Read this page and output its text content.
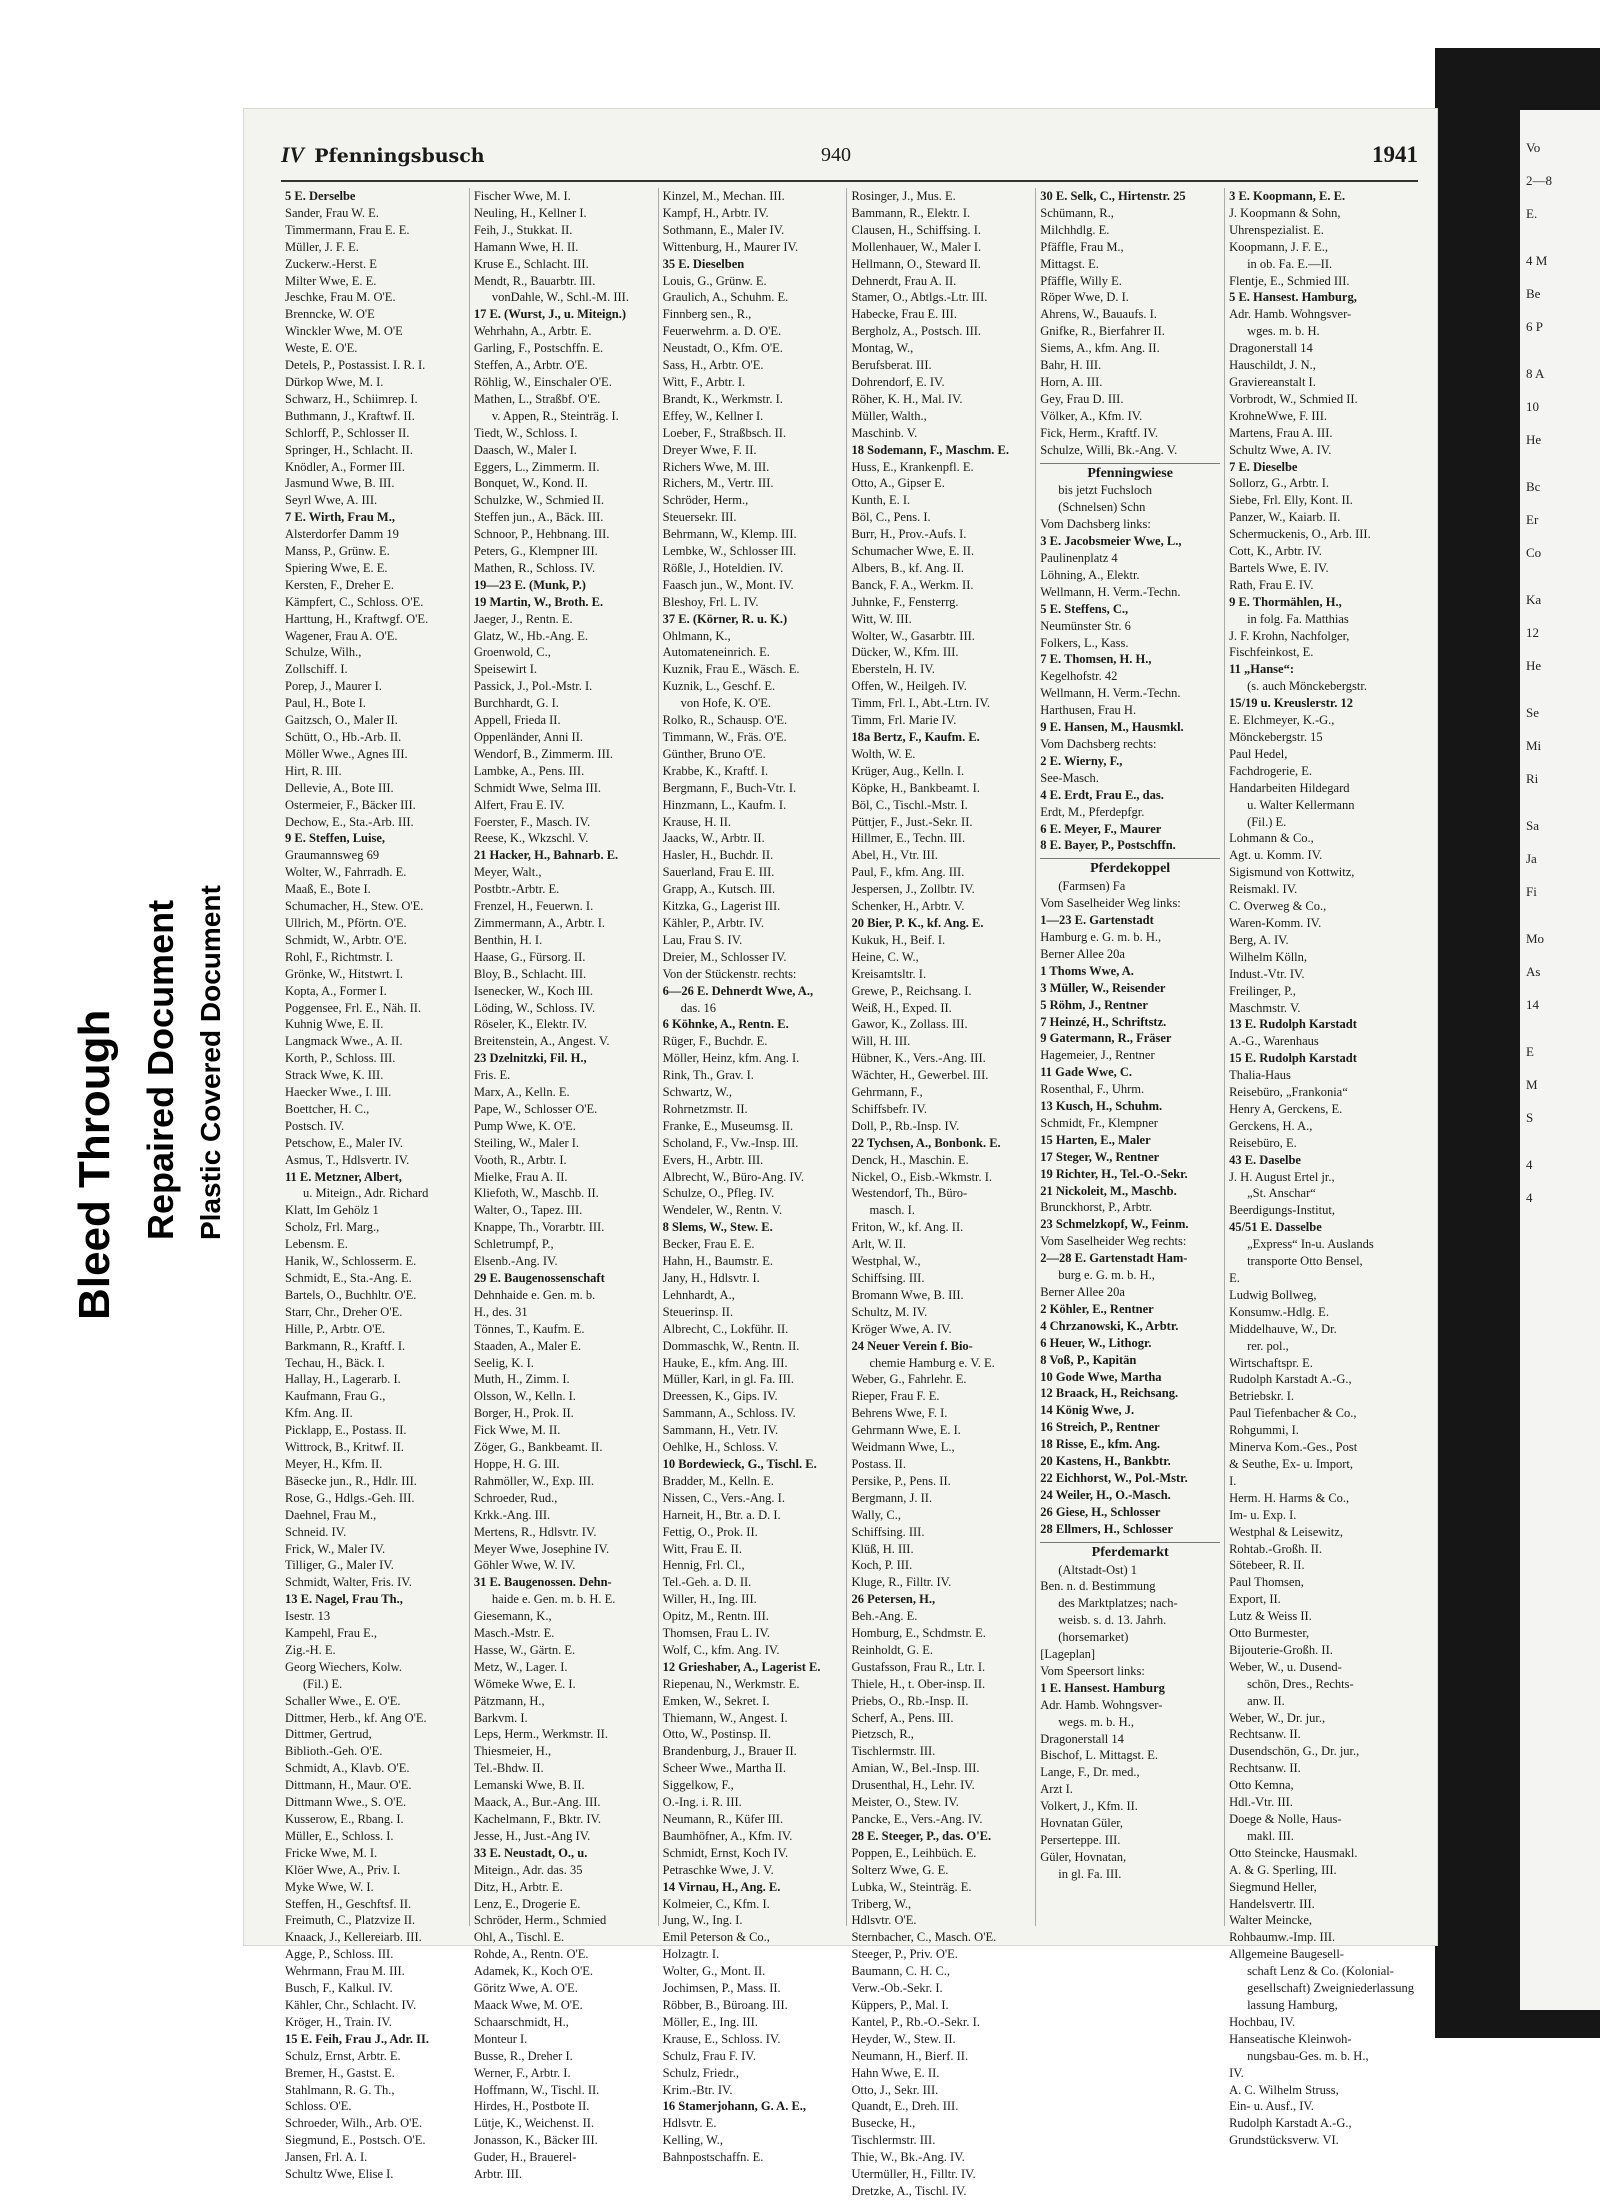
Vo
2—8
E.
4 M
Be
6 P
8 A
10
He
Bc
Er
Co
Ka
12
He
Se
Mi
Ri
Sa
Ja
Fi
Mo
As
14
E
M
S
4
4
Bleed Through Repaired Document Plastic Covered Document
IV Pfenningsbusch	940	1941
5 E. Derselbe
Sander, Frau W. E.
Timmermann, Frau E. E.
Müller, J. F. E.
Zuckerw.-Herst. E
Milter Wwe, E. E.
Jeschke, Frau M. O'E.
Brenncke, W. O'E
Winckler Wwe, M. O'E
Weste, E. O'E.
Detels, P., Postassist. I. R. I.
Dürkop Wwe, M. I.
Schwarz, H., Schiimrep. I.
Buthmann, J., Kraftwf. II.
Schlorff, P., Schlosser II.
Springer, H., Schlacht. II.
Knödler, A., Former III.
Jasmund Wwe, B. III.
Seyrl Wwe, A. III.
7 E. Wirth, Frau M.,
Alsterdorfer Damm 19
Manss, P., Grünw. E.
Spiering Wwe, E. E.
Kersten, F., Dreher E.
Kämpfert, C., Schloss. O'E.
Harttung, H., Kraftwgf. O'E.
Wagener, Frau A. O'E.
Schulze, Wilh.,
Zollschiff. I.
Porep, J., Maurer I.
Paul, H., Bote I.
Gaitzsch, O., Maler II.
Schütt, O., Hb.-Arb. II.
Möller Wwe., Agnes III.
Hirt, R. III.
Dellevie, A., Bote III.
Ostermeier, F., Bäcker III.
Dechow, E., Sta.-Arb. III.
9 E. Steffen, Luise,
Graumannsweg 69
Wolter, W., Fahrradh. E.
Maaß, E., Bote I.
Schumacher, H., Stew. O'E.
Ullrich, M., Pförtn. O'E.
Schmidt, W., Arbtr. O'E.
Rohl, F., Richtmstr. I.
Grönke, W., Hitstwrt. I.
Kopta, A., Former I.
Poggensee, Frl. E., Näh. II.
Kuhnig Wwe, E. II.
Langmack Wwe., A. II.
Korth, P., Schloss. III.
Strack Wwe, K. III.
Haecker Wwe., I. III.
Boettcher, H. C.,
Postsch. IV.
Petschow, E., Maler IV.
Asmus, T., Hdlsvertr. IV.
11 E. Metzner, Albert,
u. Miteign., Adr. Richard
Klatt, Im Gehölz 1
Scholz, Frl. Marg.,
Lebensm. E.
Hanik, W., Schlosserm. E.
Schmidt, E., Sta.-Ang. E.
Bartels, O., Buchhltr. O'E.
Starr, Chr., Dreher O'E.
Hille, P., Arbtr. O'E.
Barkmann, R., Kraftf. I.
Techau, H., Bäck. I.
Hallay, H., Lagerarb. I.
Kaufmann, Frau G.,
Kfm. Ang. II.
Picklapp, E., Postass. II.
Wittrock, B., Kritwf. II.
Meyer, H., Kfm. II.
Bäsecke jun., R., Hdlr. III.
Rose, G., Hdlgs.-Geh. III.
Daehnel, Frau M.,
Schneid. IV.
Frick, W., Maler IV.
Tilliger, G., Maler IV.
Schmidt, Walter, Fris. IV.
13 E. Nagel, Frau Th.,
Isestr. 13
Kampehl, Frau E.,
Zig.-H. E.
Georg Wiechers, Kolw.
(Fil.) E.
Schaller Wwe., E. O'E.
Dittmer, Herb., kf. Ang O'E.
Dittmer, Gertrud,
Biblioth.-Geh. O'E.
Schmidt, A., Klavb. O'E.
Dittmann, H., Maur. O'E.
Dittmann Wwe., S. O'E.
Kusserow, E., Rbang. I.
Müller, E., Schloss. I.
Fricke Wwe, M. I.
Klöer Wwe, A., Priv. I.
Myke Wwe, W. I.
Steffen, H., Geschftsf. II.
Freimuth, C., Platzvize II.
Knaack, J., Kellereiarb. III.
Agge, P., Schloss. III.
Wehrmann, Frau M. III.
Busch, F., Kalkul. IV.
Kähler, Chr., Schlacht. IV.
Kröger, H., Train. IV.
15 E. Feih, Frau J., Adr. II.
Schulz, Ernst, Arbtr. E.
Bremer, H., Gastst. E.
Stahlmann, R. G. Th.,
Schloss. O'E.
Schroeder, Wilh., Arb. O'E.
Siegmund, E., Postsch. O'E.
Jansen, Frl. A. I.
Schultz Wwe, Elise I.
Fischer Wwe, M. I.
Neuling, H., Kellner I.
Feih, J., Stukkat. II.
Hamann Wwe, H. II.
Kruse E., Schlacht. III.
Mendt, R., Bauarbtr. III.
vonDahle, W., Schl.-M. III.
17 E. (Wurst, J., u. Miteign.)
Wehrhahn, A., Arbtr. E.
Garling, F., Postschffn. E.
Steffen, A., Arbtr. O'E.
Röhlig, W., Einschaler O'E.
Mathen, L., Straßbf. O'E.
v. Appen, R., Steinträg. I.
Tiedt, W., Schloss. I.
Daasch, W., Maler I.
Eggers, L., Zimmerm. II.
Bonquet, W., Kond. II.
Schulzke, W., Schmied II.
Steffen jun., A., Bäck. III.
Schnoor, P., Hehbnang. III.
Peters, G., Klempner III.
Mathen, R., Schloss. IV.
19—23 E. (Munk, P.)
19 Martin, W., Broth. E.
Jaeger, J., Rentn. E.
Glatz, W., Hb.-Ang. E.
Groenwold, C.,
Speisewirt I.
Passick, J., Pol.-Mstr. I.
Burchhardt, G. I.
Appell, Frieda II.
Oppenländer, Anni II.
Wendorf, B., Zimmerm. III.
Lambke, A., Pens. III.
Schmidt Wwe, Selma III.
Alfert, Frau E. IV.
Foerster, F., Masch. IV.
Reese, K., Wkzschl. V.
21 Hacker, H., Bahnarb. E.
Meyer, Walt.,
Postbtr.-Arbtr. E.
Frenzel, H., Feuerwn. I.
Zimmermann, A., Arbtr. I.
Benthin, H. I.
Haase, G., Fürsorg. II.
Bloy, B., Schlacht. III.
Isenecker, W., Koch III.
Löding, W., Schloss. IV.
Röseler, K., Elektr. IV.
Breitenstein, A., Angest. V.
23 Dzelnitzki, Fil. H.,
Fris. E.
Marx, A., Kelln. E.
Pape, W., Schlosser O'E.
Pump Wwe, K. O'E.
Steiling, W., Maler I.
Vooth, R., Arbtr. I.
Mielke, Frau A. II.
Kliefoth, W., Maschb. II.
Walter, O., Tapez. III.
Knappe, Th., Vorarbtr. III.
Schletrumpf, P.,
Elsenb.-Ang. IV.
29 E. Baugenossenschaft
Dehnhaide e. Gen. m. b.
H., des. 31
Tönnes, T., Kaufm. E.
Staaden, A., Maler E.
Seelig, K. I.
Muth, H., Zimm. I.
Olsson, W., Kelln. I.
Borger, H., Prok. II.
Fick Wwe, M. II.
Zöger, G., Bankbeamt. II.
Hoppe, H. G. III.
Rahmöller, W., Exp. III.
Schroeder, Rud.,
Krkk.-Ang. III.
Mertens, R., Hdlsvtr. IV.
Meyer Wwe, Josephine IV.
Göhler Wwe, W. IV.
31 E. Baugenossen. Dehn-
haide e. Gen. m. b. H. E.
Giesemann, K.,
Masch.-Mstr. E.
Hasse, W., Gärtn. E.
Metz, W., Lager. I.
Wömeke Wwe, E. I.
Pätzmann, H.,
Barkvm. I.
Leps, Herm., Werkmstr. II.
Thiesmeier, H.,
Tel.-Bhdw. II.
Lemanski Wwe, B. II.
Maack, A., Bur.-Ang. III.
Kachelmann, F., Bktr. IV.
Jesse, H., Just.-Ang IV.
33 E. Neustadt, O., u.
Miteign., Adr. das. 35
Ditz, H., Arbtr. E.
Lenz, E., Drogerie E.
Schröder, Herm., Schmied
Ohl, A., Tischl. E.
Rohde, A., Rentn. O'E.
Adamek, K., Koch O'E.
Göritz Wwe, A. O'E.
Maack Wwe, M. O'E.
Schaarschmidt, H.,
Monteur I.
Busse, R., Dreher I.
Werner, F., Arbtr. I.
Hoffmann, W., Tischl. II.
Hirdes, H., Postbote II.
Lütje, K., Weichenst. II.
Jonasson, K., Bäcker III.
Guder, H., Brauerel-
Arbtr. III.
Kinzel, M., Mechan. III.
Kampf, H., Arbtr. IV.
Sothmann, E., Maler IV.
Wittenburg, H., Maurer IV.
35 E. Dieselben
Louis, G., Grünw. E.
Graulich, A., Schuhm. E.
Finnberg sen., R.,
Feuerwehrm. a. D. O'E.
Neustadt, O., Kfm. O'E.
Sass, H., Arbtr. O'E.
Witt, F., Arbtr. I.
Brandt, K., Werkmstr. I.
Effey, W., Kellner I.
Loeber, F., Straßbsch. II.
Dreyer Wwe, F. II.
Richers Wwe, M. III.
Richers, M., Vertr. III.
Schröder, Herm.,
Steuersekr. III.
Behrmann, W., Klemp. III.
Lembke, W., Schlosser III.
Rößle, J., Hoteldien. IV.
Faasch jun., W., Mont. IV.
Bleshoy, Frl. L. IV.
37 E. (Körner, R. u. K.)
Ohlmann, K.,
Automateneinrich. E.
Kuznik, Frau E., Wäsch. E.
Kuznik, L., Geschf. E.
von Hofe, K. O'E.
Rolko, R., Schausp. O'E.
Timmann, W., Fräs. O'E.
Günther, Bruno O'E.
Krabbe, K., Kraftf. I.
Bergmann, F., Buch-Vtr. I.
Hinzmann, L., Kaufm. I.
Krause, H. II.
Jaacks, W., Arbtr. II.
Hasler, H., Buchdr. II.
Sauerland, Frau E. III.
Grapp, A., Kutsch. III.
Kitzka, G., Lagerist III.
Kähler, P., Arbtr. IV.
Lau, Frau S. IV.
Dreier, M., Schlosser IV.
Von der Stückenstr. rechts:
6—26 E. Dehnerdt Wwe, A.,
das. 16
6 Köhnke, A., Rentn. E.
Rüger, F., Buchdr. E.
Möller, Heinz, kfm. Ang. I.
Rink, Th., Grav. I.
Schwartz, W.,
Rohrnetzmstr. II.
Franke, E., Museumsg. II.
Scholand, F., Vw.-Insp. III.
Evers, H., Arbtr. III.
Albrecht, W., Büro-Ang. IV.
Schulze, O., Pfleg. IV.
Wendeler, W., Rentn. V.
8 Slems, W., Stew. E.
Becker, Frau E. E.
Hahn, H., Baumstr. E.
Jany, H., Hdlsvtr. I.
Lehnhardt, A.,
Steuerinsp. II.
Albrecht, C., Lokführ. II.
Dommaschk, W., Rentn. II.
Hauke, E., kfm. Ang. III.
Müller, Karl, in gl. Fa. III.
Dreessen, K., Gips. IV.
Sammann, A., Schloss. IV.
Sammann, H., Vetr. IV.
Oehlke, H., Schloss. V.
10 Bordewieck, G., Tischl. E.
Bradder, M., Kelln. E.
Nissen, C., Vers.-Ang. I.
Harneit, H., Btr. a. D. I.
Fettig, O., Prok. II.
Witt, Frau E. II.
Hennig, Frl. Cl.,
Tel.-Geh. a. D. II.
Willer, H., Ing. III.
Opitz, M., Rentn. III.
Thomsen, Frau L. IV.
Wolf, C., kfm. Ang. IV.
12 Grieshaber, A., Lagerist E.
Riepenau, N., Werkmstr. E.
Emken, W., Sekret. I.
Thiemann, W., Angest. I.
Otto, W., Postinsp. II.
Brandenburg, J., Brauer II.
Scheer Wwe., Martha II.
Siggelkow, F.,
O.-Ing. i. R. III.
Neumann, R., Küfer III.
Baumhöfner, A., Kfm. IV.
Schmidt, Ernst, Koch IV.
Petraschke Wwe, J. V.
14 Virnau, H., Ang. E.
Kolmeier, C., Kfm. I.
Jung, W., Ing. I.
Emil Peterson & Co.,
Holzagtr. I.
Wolter, G., Mont. II.
Jochimsen, P., Mass. II.
Röbber, B., Büroang. III.
Möller, E., Ing. III.
Krause, E., Schloss. IV.
Schulz, Frau F. IV.
Schulz, Friedr.,
Krim.-Btr. IV.
16 Stamerjohann, G. A. E.,
Hdlsvtr. E.
Kelling, W.,
Bahnpostschaffn. E.
Rosinger, J., Mus. E.
Bammann, R., Elektr. I.
Clausen, H., Schiffsing. I.
Mollenhauer, W., Maler I.
Hellmann, O., Steward II.
Dehnerdt, Frau A. II.
Stamer, O., Abtlgs.-Ltr. III.
Habecke, Frau E. III.
Bergholz, A., Postsch. III.
Montag, W.,
Berufsberat. III.
Dohrendorf, E. IV.
Röher, K. H., Mal. IV.
Müller, Walth.,
Maschinb. V.
18 Sodemann, F., Maschm. E.
Huss, E., Krankenpfl. E.
Otto, A., Gipser E.
Kunth, E. I.
Böl, C., Pens. I.
Burr, H., Prov.-Aufs. I.
Schumacher Wwe, E. II.
Albers, B., kf. Ang. II.
Banck, F. A., Werkm. II.
Juhnke, F., Fensterrg.
Witt, W. III.
Wolter, W., Gasarbtr. III.
Dücker, W., Kfm. III.
Ebersteln, H. IV.
Offen, W., Heilgeh. IV.
Timm, Frl. I., Abt.-Ltrn. IV.
Timm, Frl. Marie IV.
18a Bertz, F., Kaufm. E.
Wolth, W. E.
Krüger, Aug., Kelln. I.
Köpke, H., Bankbeamt. I.
Böl, C., Tischl.-Mstr. I.
Püttjer, F., Just.-Sekr. II.
Hillmer, E., Techn. III.
Abel, H., Vtr. III.
Paul, F., kfm. Ang. III.
Jespersen, J., Zollbtr. IV.
Schenker, H., Arbtr. V.
20 Bier, P. K., kf. Ang. E.
Kukuk, H., Beif. I.
Heine, C. W.,
Kreisamtsltr. I.
Grewe, P., Reichsang. I.
Weiß, H., Exped. II.
Gawor, K., Zollass. III.
Will, H. III.
Hübner, K., Vers.-Ang. III.
Wächter, H., Gewerbel. III.
Gehrmann, F.,
Schiffsbefr. IV.
Doll, P., Rb.-Insp. IV.
22 Tychsen, A., Bonbonk. E.
Denck, H., Maschin. E.
Nickel, O., Eisb.-Wkmstr. I.
Westendorf, Th., Büro-
masch. I.
Friton, W., kf. Ang. II.
Arlt, W. II.
Westphal, W.,
Schiffsing. III.
Bromann Wwe, B. III.
Schultz, M. IV.
Kröger Wwe, A. IV.
24 Neuer Verein f. Bio-
chemie Hamburg e. V. E.
Weber, G., Fahrlehr. E.
Rieper, Frau F. E.
Behrens Wwe, F. I.
Gehrmann Wwe, E. I.
Weidmann Wwe, L.,
Postass. II.
Persike, P., Pens. II.
Bergmann, J. II.
Wally, C.,
Schiffsing. III.
Klüß, H. III.
Koch, P. III.
Kluge, R., Filltr. IV.
26 Petersen, H.,
Beh.-Ang. E.
Homburg, E., Schdmstr. E.
Reinholdt, G. E.
Gustafsson, Frau R., Ltr. I.
Thiele, H., t. Ober-insp. II.
Priebs, O., Rb.-Insp. II.
Scherf, A., Pens. III.
Pietzsch, R.,
Tischlermstr. III.
Amian, W., Bel.-Insp. III.
Drusenthal, H., Lehr. IV.
Meister, O., Stew. IV.
Pancke, E., Vers.-Ang. IV.
28 E. Steeger, P., das. O'E.
Poppen, E., Leihbüch. E.
Solterz Wwe, G. E.
Lubka, W., Steinträg. E.
Triberg, W.,
Hdlsvtr. O'E.
Sternbacher, C., Masch. O'E.
Steeger, P., Priv. O'E.
Baumann, C. H. C.,
Verw.-Ob.-Sekr. I.
Küppers, P., Mal. I.
Kantel, P., Rb.-O.-Sekr. I.
Heyder, W., Stew. II.
Neumann, H., Bierf. II.
Hahn Wwe, E. II.
Otto, J., Sekr. III.
Quandt, E., Dreh. III.
Busecke, H.,
Tischlermstr. III.
Thie, W., Bk.-Ang. IV.
Utermüller, H., Filltr. IV.
Dretzke, A., Tischl. IV.
30 E. Selk, C., Hirtenstr. 25
Schümann, R.,
Milchhdlg. E.
Pfäffle, Frau M.,
Mittagst. E.
Pfäffle, Willy E.
Röper Wwe, D. I.
Ahrens, W., Bauaufs. I.
Gnifke, R., Bierfahrer II.
Siems, A., kfm. Ang. II.
Bahr, H. III.
Horn, A. III.
Gey, Frau D. III.
Völker, A., Kfm. IV.
Fick, Herm., Kraftf. IV.
Schulze, Willi, Bk.-Ang. V.
Pfenningwiese
bis jetzt Fuchsloch
(Schnelsen) Schn
Vom Dachsberg links:
3 E. Jacobsmeier Wwe, L.,
Paulinenplatz 4
Löhning, A., Elektr.
Wellmann, H. Verm.-Techn.
5 E. Steffens, C.,
Neumünster Str. 6
Folkers, L., Kass.
7 E. Thomsen, H. H.,
Kegelhofstr. 42
Wellmann, H. Verm.-Techn.
Harthusen, Frau H.
9 E. Hansen, M., Hausmkl.
Vom Dachsberg rechts:
2 E. Wierny, F.,
See-Masch.
4 E. Erdt, Frau E., das.
Erdt, M., Pferdepfgr.
6 E. Meyer, F., Maurer
8 E. Bayer, P., Postschffn.
Pferdekoppel
(Farmsen) Fa
Vom Saselheider Weg links:
1—23 E. Gartenstadt
Hamburg e. G. m. b. H.,
Berner Allee 20a
1 Thoms Wwe, A.
3 Müller, W., Reisender
5 Röhm, J., Rentner
7 Heinzé, H., Schriftstz.
9 Gatermann, R., Fräser
Hagemeier, J., Rentner
11 Gade Wwe, C.
Rosenthal, F., Uhrm.
13 Kusch, H., Schuhm.
Schmidt, Fr., Klempner
15 Harten, E., Maler
17 Steger, W., Rentner
19 Richter, H., Tel.-O.-Sekr.
21 Nickoleit, M., Maschb.
Brunckhorst, P., Arbtr.
23 Schmelzkopf, W., Feinm.
Vom Saselheider Weg rechts:
2—28 E. Gartenstadt Ham-
burg e. G. m. b. H.,
Berner Allee 20a
2 Köhler, E., Rentner
4 Chrzanowski, K., Arbtr.
6 Heuer, W., Lithogr.
8 Voß, P., Kapitän
10 Gode Wwe, Martha
12 Braack, H., Reichsang.
14 König Wwe, J.
16 Streich, P., Rentner
18 Risse, E., kfm. Ang.
20 Kastens, H., Bankbtr.
22 Eichhorst, W., Pol.-Mstr.
24 Weiler, H., O.-Masch.
26 Giese, H., Schlosser
28 Ellmers, H., Schlosser
Pferdemarkt
(Altstadt-Ost) 1
Ben. n. d. Bestimmung
des Marktplatzes; nach-
weisb. s. d. 13. Jahrh.
(horsemarket)
[Lageplan]
Vom Speersort links:
1 E. Hansest. Hamburg
Adr. Hamb. Wohngsver-
wegs. m. b. H.,
Dragonerstall 14
Bischof, L. Mittagst. E.
Lange, F., Dr. med.,
Arzt I.
Volkert, J., Kfm. II.
Hovnatan Güler,
Perserteppe. III.
Güler, Hovnatan,
in gl. Fa. III.
3 E. Koopmann, E. E.
J. Koopmann & Sohn,
Uhrenspezialist. E.
Koopmann, J. F. E.,
in ob. Fa. E.—II.
Flentje, E., Schmied III.
5 E. Hansest. Hamburg,
Adr. Hamb. Wohngsver-
wges. m. b. H.
Dragonerstall 14
Hauschildt, J. N.,
Graviereanstalt I.
Vorbrodt, W., Schmied II.
KrohneWwe, F. III.
Martens, Frau A. III.
Schultz Wwe, A. IV.
7 E. Dieselbe
Sollorz, G., Arbtr. I.
Siebe, Frl. Elly, Kont. II.
Panzer, W., Kaiarb. II.
Schermuckenis, O., Arb. III.
Cott, K., Arbtr. IV.
Bartels Wwe, E. IV.
Rath, Frau E. IV.
9 E. Thormählen, H.,
in folg. Fa. Matthias
J. F. Krohn, Nachfolger,
Fischfeinkost, E.
11 „Hanse“:
(s. auch Mönckebergstr.
15/19 u. Kreuslerstr. 12
E. Elchmeyer, K.-G.,
Mönckebergstr. 15
Paul Hedel,
Fachdrogerie, E.
Handarbeiten Hildegard
u. Walter Kellermann
(Fil.) E.
Lohmann & Co.,
Agt. u. Komm. IV.
Sigismund von Kottwitz,
Reismakl. IV.
C. Overweg & Co.,
Waren-Komm. IV.
Berg, A. IV.
Wilhelm Kölln,
Indust.-Vtr. IV.
Freilinger, P.,
Maschmstr. V.
13 E. Rudolph Karstadt
A.-G., Warenhaus
15 E. Rudolph Karstadt
Thalia-Haus
Reisebüro, „Frankonia“
Henry A, Gerckens, E.
Gerckens, H. A.,
Reisebüro, E.
43 E. Daselbe
J. H. August Ertel jr.,
„St. Anschar“
Beerdigungs-Institut,
45/51 E. Dasselbe
„Express“ In-u. Auslands
transporte Otto Bensel,
E.
Ludwig Bollweg,
Konsumw.-Hdlg. E.
Middelhauve, W., Dr.
rer. pol.,
Wirtschaftspr. E.
Rudolph Karstadt A.-G.,
Betriebskr. I.
Paul Tiefenbacher & Co.,
Rohgummi, I.
Minerva Kom.-Ges., Post
& Seuthe, Ex- u. Import,
I.
Herm. H. Harms & Co.,
Im- u. Exp. I.
Westphal & Leisewitz,
Rohtab.-Großh. II.
Sötebeer, R. II.
Paul Thomsen,
Export, II.
Lutz & Weiss II.
Otto Burmester,
Bijouterie-Großh. II.
Weber, W., u. Dusend-
schön, Dres., Rechts-
anw. II.
Weber, W., Dr. jur.,
Rechtsanw. II.
Dusendschön, G., Dr. jur.,
Rechtsanw. II.
Otto Kemna,
Hdl.-Vtr. III.
Doege & Nolle, Haus-
makl. III.
Otto Steincke, Hausmakl.
A. & G. Sperling, III.
Siegmund Heller,
Handelsvertr. III.
Walter Meincke,
Rohbaumw.-Imp. III.
Allgemeine Baugesell-
schaft Lenz & Co. (Kolonial-
gesellschaft) Zweigniederlassung
lassung Hamburg,
Hochbau, IV.
Hanseatische Kleinwoh-
nungsbau-Ges. m. b. H.,
IV.
A. C. Wilhelm Struss,
Ein- u. Ausf., IV.
Rudolph Karstadt A.-G.,
Grundstücksverw. VI.
